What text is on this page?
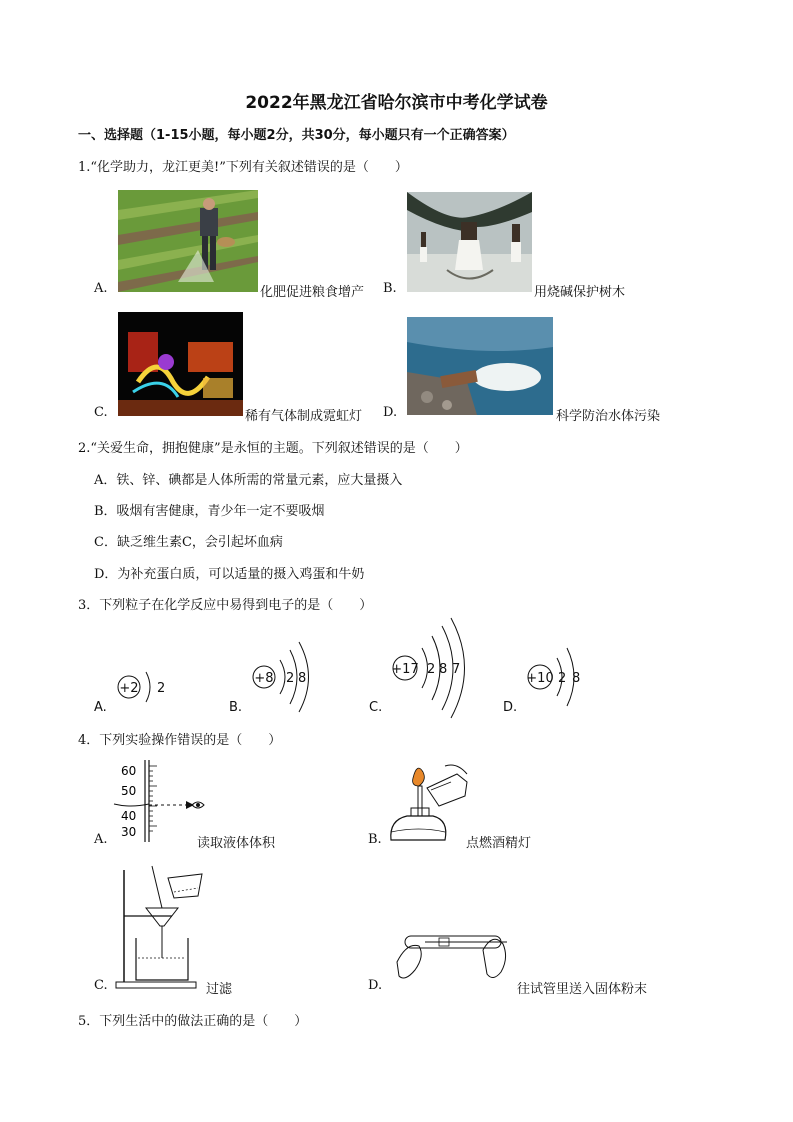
2022年黑龙江省哈尔滨市中考化学试卷
一、选择题（1-15小题，每小题2分，共30分，每小题只有一个正确答案）
1.“化学助力，龙江更美!”下列有关叙述错误的是（　　）
A.	化肥促进粮食增产 B.	用烧碱保护树木
C.	稀有气体制成霓虹灯 D.	科学防治水体污染
2.“关爱生命，拥抱健康”是永恒的主题。下列叙述错误的是（　　）
A．铁、锌、碘都是人体所需的常量元素，应大量摄入
B．吸烟有害健康，青少年一定不要吸烟
C．缺乏维生素C，会引起坏血病
D．为补充蛋白质，可以适量的摄入鸡蛋和牛奶
3．下列粒子在化学反应中易得到电子的是（　　）
+2 2
+8 2 8
+17 2 8 7
+10 2 8
A.	B.	C.	D.
4．下列实验操作错误的是（　　）
60
50
40
30
A.	读取液体体积	B.	点燃酒精灯
C.	过滤	D.	往试管里送入固体粉末
5．下列生活中的做法正确的是（　　）
